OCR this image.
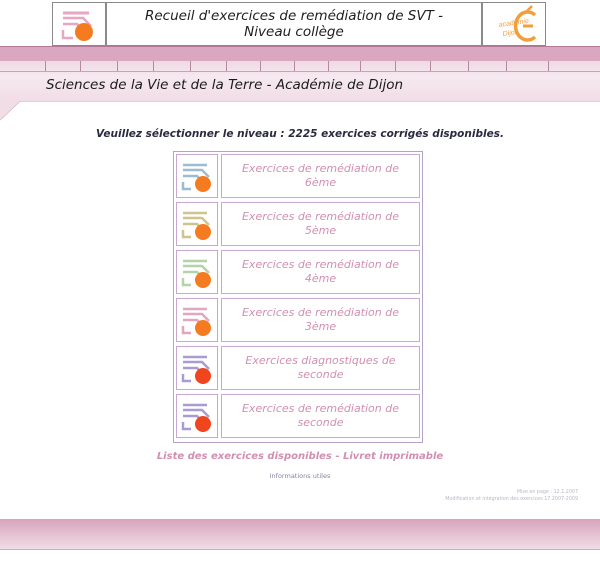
Recueil d'exercices de remédiation de SVT - Niveau collège
académie
Dijon
Sciences de la Vie et de la Terre - Académie de Dijon
Veuillez sélectionner le niveau : 2225 exercices corrigés disponibles.
Exercices de remédiation de 6ème
Exercices de remédiation de 5ème
Exercices de remédiation de 4ème
Exercices de remédiation de 3ème
Exercices diagnostiques de seconde
Exercices de remédiation de seconde
Liste des exercices disponibles - Livret imprimable
Informations utiles
Mise en page : 12.1.2007
Modification et intégration des exercices 17.2007-2009
